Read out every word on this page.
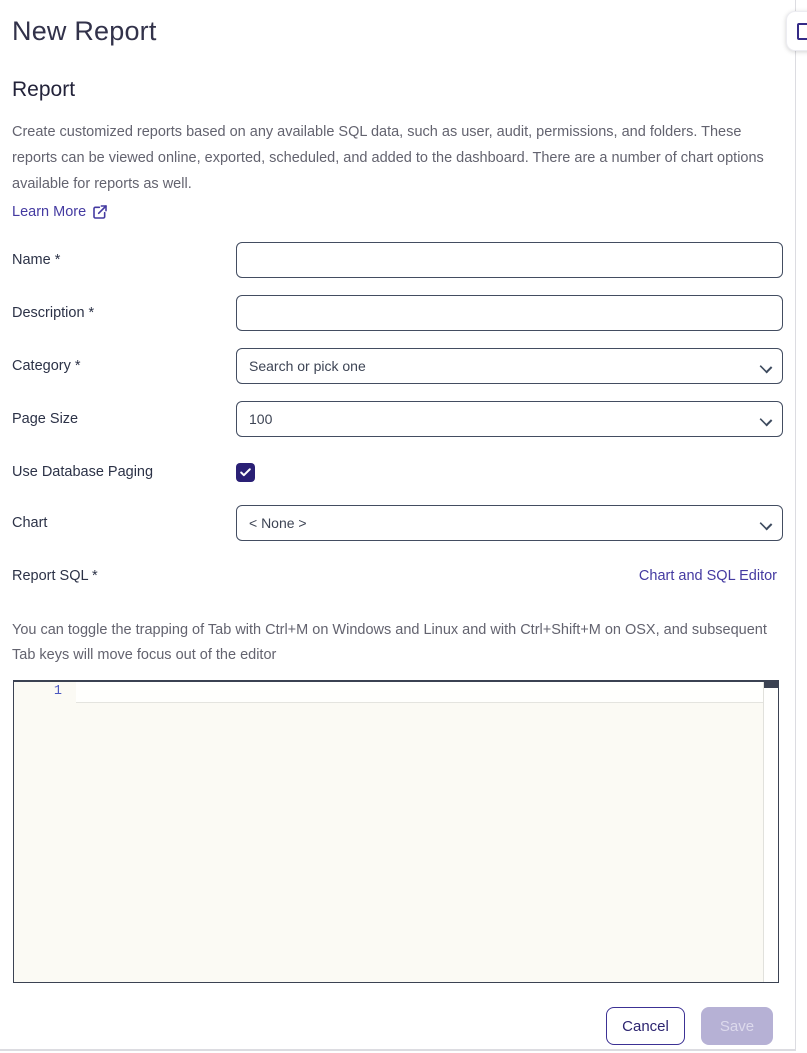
New Report
Report

Create customized reports based on any available SQL data, such as user, audit, permissions, and folders. These reports can be viewed online, exported, scheduled, and added to the dashboard. There are a number of chart options available for reports as well.

Learn More
Name *
Description *
Category *	Search or pick one
Page Size	100
Use Database Paging
Chart	< None >
Report SQL *	Chart and SQL Editor

You can toggle the trapping of Tab with Ctrl+M on Windows and Linux and with Ctrl+Shift+M on OSX, and subsequent Tab keys will move focus out of the editor

1
Cancel	Save
